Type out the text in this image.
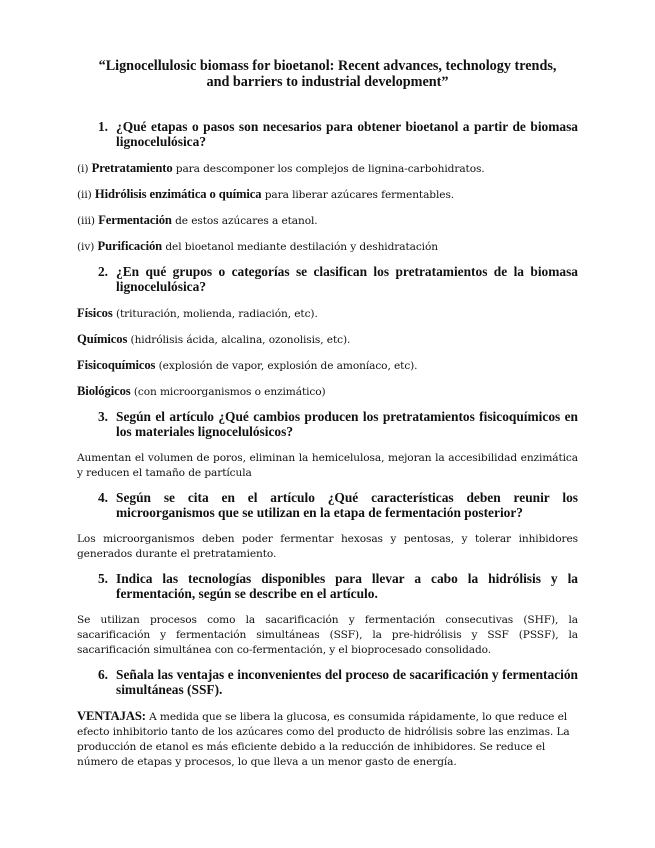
“Lignocellulosic biomass for bioetanol: Recent advances, technology trends, and barriers to industrial development”
1. ¿Qué etapas o pasos son necesarios para obtener bioetanol a partir de biomasa lignocelulósica?
(i) Pretratamiento para descomponer los complejos de lignina-carbohidratos.
(ii) Hidrólisis enzimática o química para liberar azúcares fermentables.
(iii) Fermentación de estos azúcares a etanol.
(iv) Purificación del bioetanol mediante destilación y deshidratación
2. ¿En qué grupos o categorías se clasifican los pretratamientos de la biomasa lignocelulósica?
Físicos (trituración, molienda, radiación, etc).
Químicos (hidrólisis ácida, alcalina, ozonolisis, etc).
Fisicoquímicos (explosión de vapor, explosión de amoníaco, etc).
Biológicos (con microorganismos o enzimático)
3. Según el artículo ¿Qué cambios producen los pretratamientos fisicoquímicos en los materiales lignocelulósicos?
Aumentan el volumen de poros, eliminan la hemicelulosa, mejoran la accesibilidad enzimática y reducen el tamaño de partícula
4. Según se cita en el artículo ¿Qué características deben reunir los microorganismos que se utilizan en la etapa de fermentación posterior?
Los microorganismos deben poder fermentar hexosas y pentosas, y tolerar inhibidores generados durante el pretratamiento.
5. Indica las tecnologías disponibles para llevar a cabo la hidrólisis y la fermentación, según se describe en el artículo.
Se utilizan procesos como la sacarificación y fermentación consecutivas (SHF), la sacarificación y fermentación simultáneas (SSF), la pre-hidrólisis y SSF (PSSF), la sacarificación simultánea con co-fermentación, y el bioprocesado consolidado.
6. Señala las ventajas e inconvenientes del proceso de sacarificación y fermentación simultáneas (SSF).
VENTAJAS: A medida que se libera la glucosa, es consumida rápidamente, lo que reduce el efecto inhibitorio tanto de los azúcares como del producto de hidrólisis sobre las enzimas. La producción de etanol es más eficiente debido a la reducción de inhibidores. Se reduce el número de etapas y procesos, lo que lleva a un menor gasto de energía.
